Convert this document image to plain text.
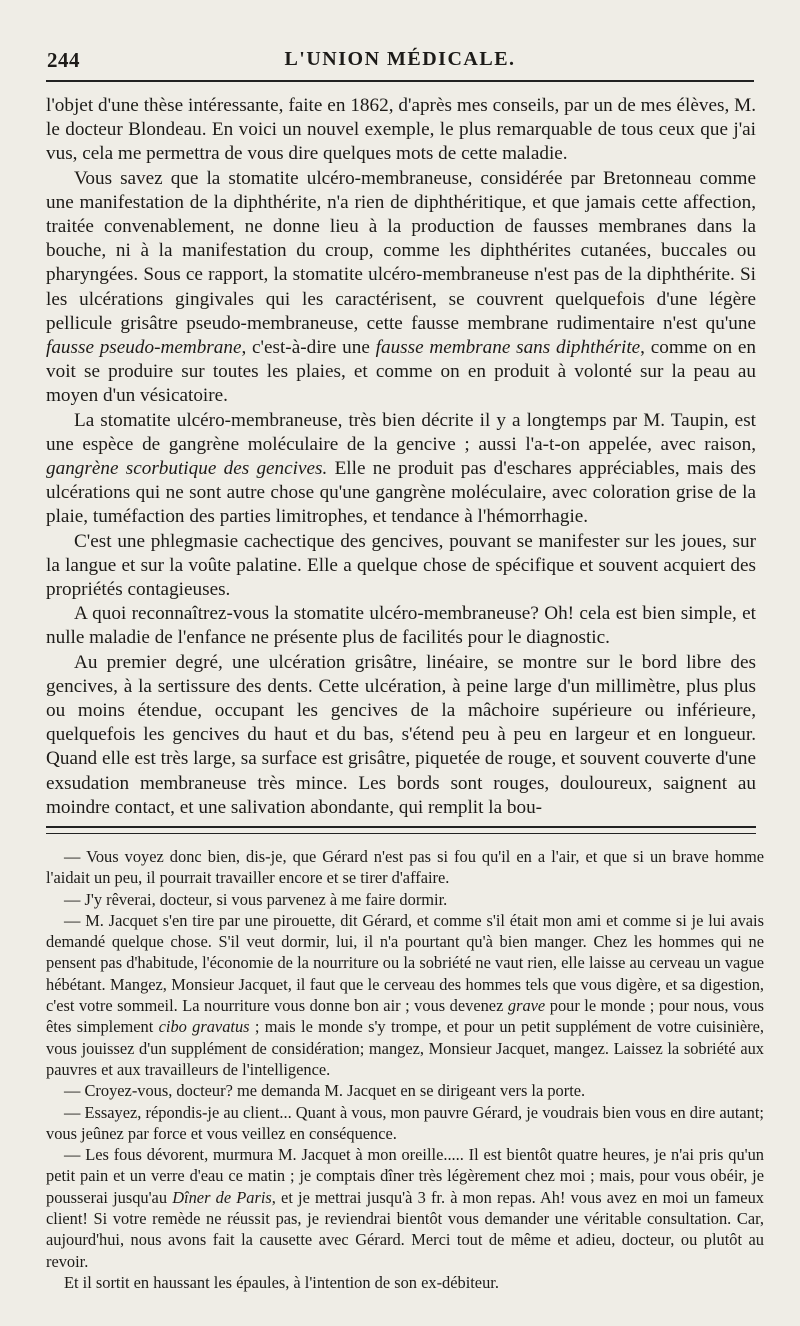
244	L'UNION MÉDICALE.

l'objet d'une thèse intéressante, faite en 1862, d'après mes conseils, par un de mes élèves, M. le docteur Blondeau. En voici un nouvel exemple, le plus remarquable de tous ceux que j'ai vus, cela me permettra de vous dire quelques mots de cette maladie.

Vous savez que la stomatite ulcéro-membraneuse, considérée par Bretonneau comme une manifestation de la diphthérite, n'a rien de diphthéritique, et que jamais cette affection, traitée convenablement, ne donne lieu à la production de fausses membranes dans la bouche, ni à la manifestation du croup, comme les diphthérites cutanées, buccales ou pharyngées. Sous ce rapport, la stomatite ulcéro-membraneuse n'est pas de la diphthérite. Si les ulcérations gingivales qui les caractérisent, se couvrent quelquefois d'une légère pellicule grisâtre pseudo-membraneuse, cette fausse membrane rudimentaire n'est qu'une fausse pseudo-membrane, c'est-à-dire une fausse membrane sans diphthérite, comme on en voit se produire sur toutes les plaies, et comme on en produit à volonté sur la peau au moyen d'un vésicatoire.

La stomatite ulcéro-membraneuse, très bien décrite il y a longtemps par M. Taupin, est une espèce de gangrène moléculaire de la gencive ; aussi l'a-t-on appelée, avec raison, gangrène scorbutique des gencives. Elle ne produit pas d'eschares appréciables, mais des ulcérations qui ne sont autre chose qu'une gangrène moléculaire, avec coloration grise de la plaie, tuméfaction des parties limitrophes, et tendance à l'hémorrhagie.

C'est une phlegmasie cachectique des gencives, pouvant se manifester sur les joues, sur la langue et sur la voûte palatine. Elle a quelque chose de spécifique et souvent acquiert des propriétés contagieuses.

A quoi reconnaîtrez-vous la stomatite ulcéro-membraneuse? Oh! cela est bien simple, et nulle maladie de l'enfance ne présente plus de facilités pour le diagnostic.

Au premier degré, une ulcération grisâtre, linéaire, se montre sur le bord libre des gencives, à la sertissure des dents. Cette ulcération, à peine large d'un millimètre, plus plus ou moins étendue, occupant les gencives de la mâchoire supérieure ou inférieure, quelquefois les gencives du haut et du bas, s'étend peu à peu en largeur et en longueur. Quand elle est très large, sa surface est grisâtre, piquetée de rouge, et souvent couverte d'une exsudation membraneuse très mince. Les bords sont rouges, douloureux, saignent au moindre contact, et une salivation abondante, qui remplit la bou-

— Vous voyez donc bien, dis-je, que Gérard n'est pas si fou qu'il en a l'air, et que si un brave homme l'aidait un peu, il pourrait travailler encore et se tirer d'affaire.

— J'y rêverai, docteur, si vous parvenez à me faire dormir.

— M. Jacquet s'en tire par une pirouette, dit Gérard, et comme s'il était mon ami et comme si je lui avais demandé quelque chose. S'il veut dormir, lui, il n'a pourtant qu'à bien manger. Chez les hommes qui ne pensent pas d'habitude, l'économie de la nourriture ou la sobriété ne vaut rien, elle laisse au cerveau un vague hébétant. Mangez, Monsieur Jacquet, il faut que le cerveau des hommes tels que vous digère, et sa digestion, c'est votre sommeil. La nourriture vous donne bon air ; vous devenez grave pour le monde ; pour nous, vous êtes simplement cibo gravatus ; mais le monde s'y trompe, et pour un petit supplément de votre cuisinière, vous jouissez d'un supplément de considération; mangez, Monsieur Jacquet, mangez. Laissez la sobriété aux pauvres et aux travailleurs de l'intelligence.

— Croyez-vous, docteur? me demanda M. Jacquet en se dirigeant vers la porte.

— Essayez, répondis-je au client... Quant à vous, mon pauvre Gérard, je voudrais bien vous en dire autant; vous jeûnez par force et vous veillez en conséquence.

— Les fous dévorent, murmura M. Jacquet à mon oreille..... Il est bientôt quatre heures, je n'ai pris qu'un petit pain et un verre d'eau ce matin ; je comptais dîner très légèrement chez moi ; mais, pour vous obéir, je pousserai jusqu'au Dîner de Paris, et je mettrai jusqu'à 3 fr. à mon repas. Ah! vous avez en moi un fameux client! Si votre remède ne réussit pas, je reviendrai bientôt vous demander une véritable consultation. Car, aujourd'hui, nous avons fait la causette avec Gérard. Merci tout de même et adieu, docteur, ou plutôt au revoir.

Et il sortit en haussant les épaules, à l'intention de son ex-débiteur.
